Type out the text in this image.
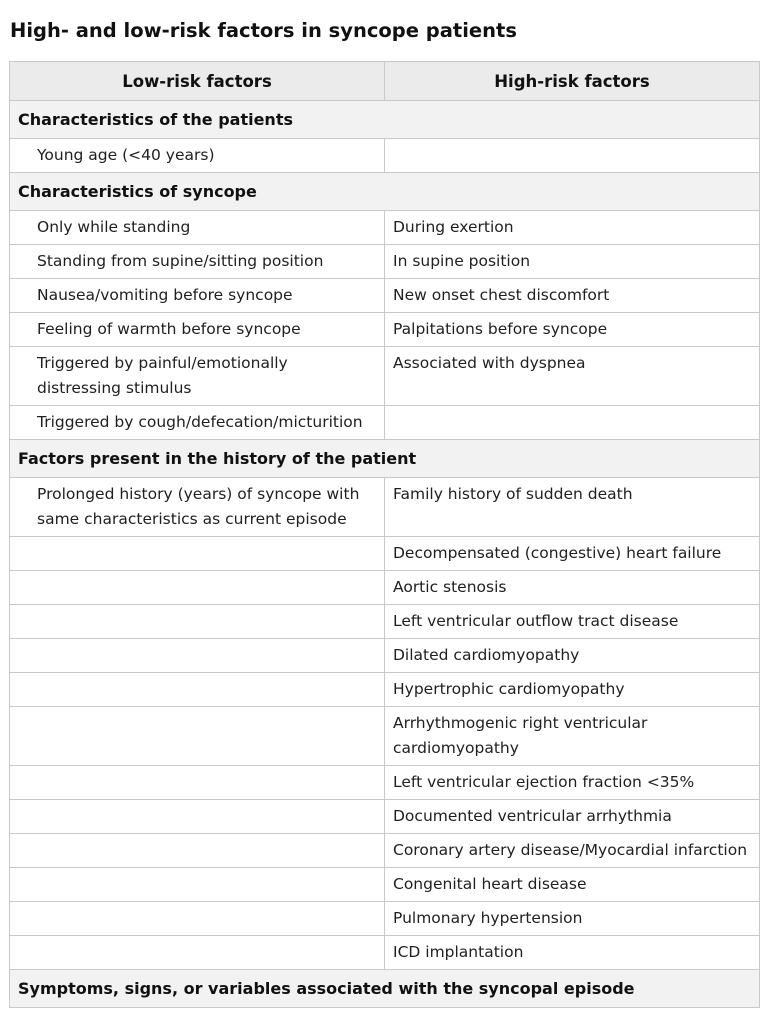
High- and low-risk factors in syncope patients
Low-risk factors	High-risk factors
Characteristics of the patients	
Young age (<40 years)	
Characteristics of syncope	
Only while standing	During exertion
Standing from supine/sitting position	In supine position
Nausea/vomiting before syncope	New onset chest discomfort
Feeling of warmth before syncope	Palpitations before syncope
Triggered by painful/emotionally distressing stimulus	Associated with dyspnea
Triggered by cough/defecation/micturition	
Factors present in the history of the patient	
Prolonged history (years) of syncope with same characteristics as current episode	Family history of sudden death
	Decompensated (congestive) heart failure
	Aortic stenosis
	Left ventricular outflow tract disease
	Dilated cardiomyopathy
	Hypertrophic cardiomyopathy
	Arrhythmogenic right ventricular cardiomyopathy
	Left ventricular ejection fraction <35%
	Documented ventricular arrhythmia
	Coronary artery disease/Myocardial infarction
	Congenital heart disease
	Pulmonary hypertension
	ICD implantation
Symptoms, signs, or variables associated with the syncopal episode	
